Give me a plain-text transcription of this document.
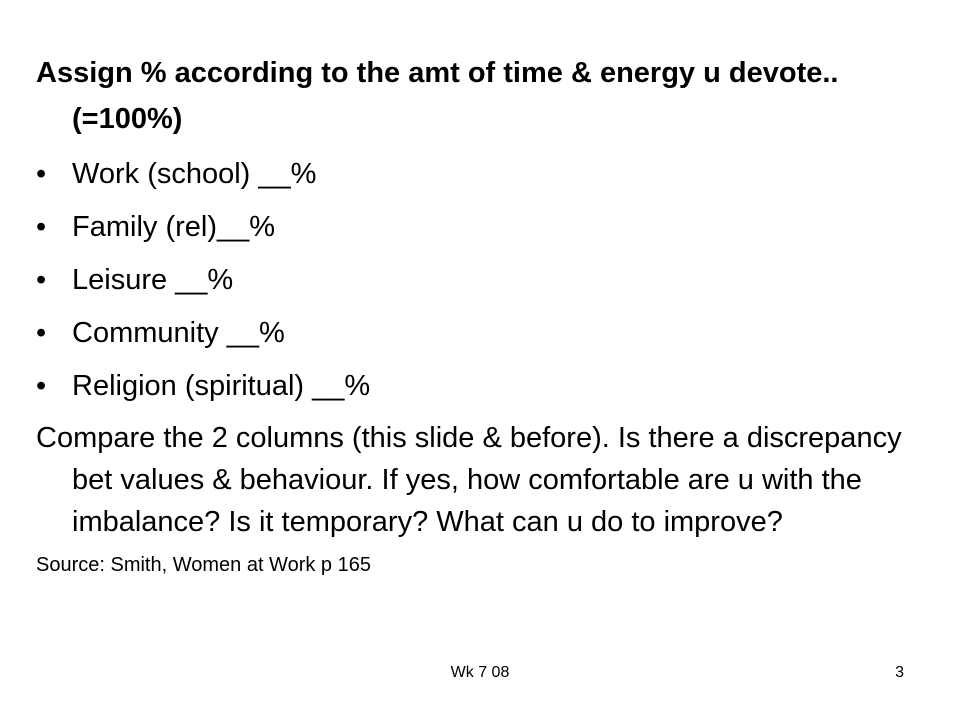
Assign % according to the amt of time & energy u devote..(=100%)

• Work (school) __%
• Family (rel)__%
• Leisure __%
• Community __%
• Religion (spiritual) __%

Compare the 2 columns (this slide & before). Is there a discrepancy bet values & behaviour. If yes, how comfortable are u with the imbalance? Is it temporary? What can u do to improve?

Source: Smith, Women at Work p 165

Wk 7 08	3
